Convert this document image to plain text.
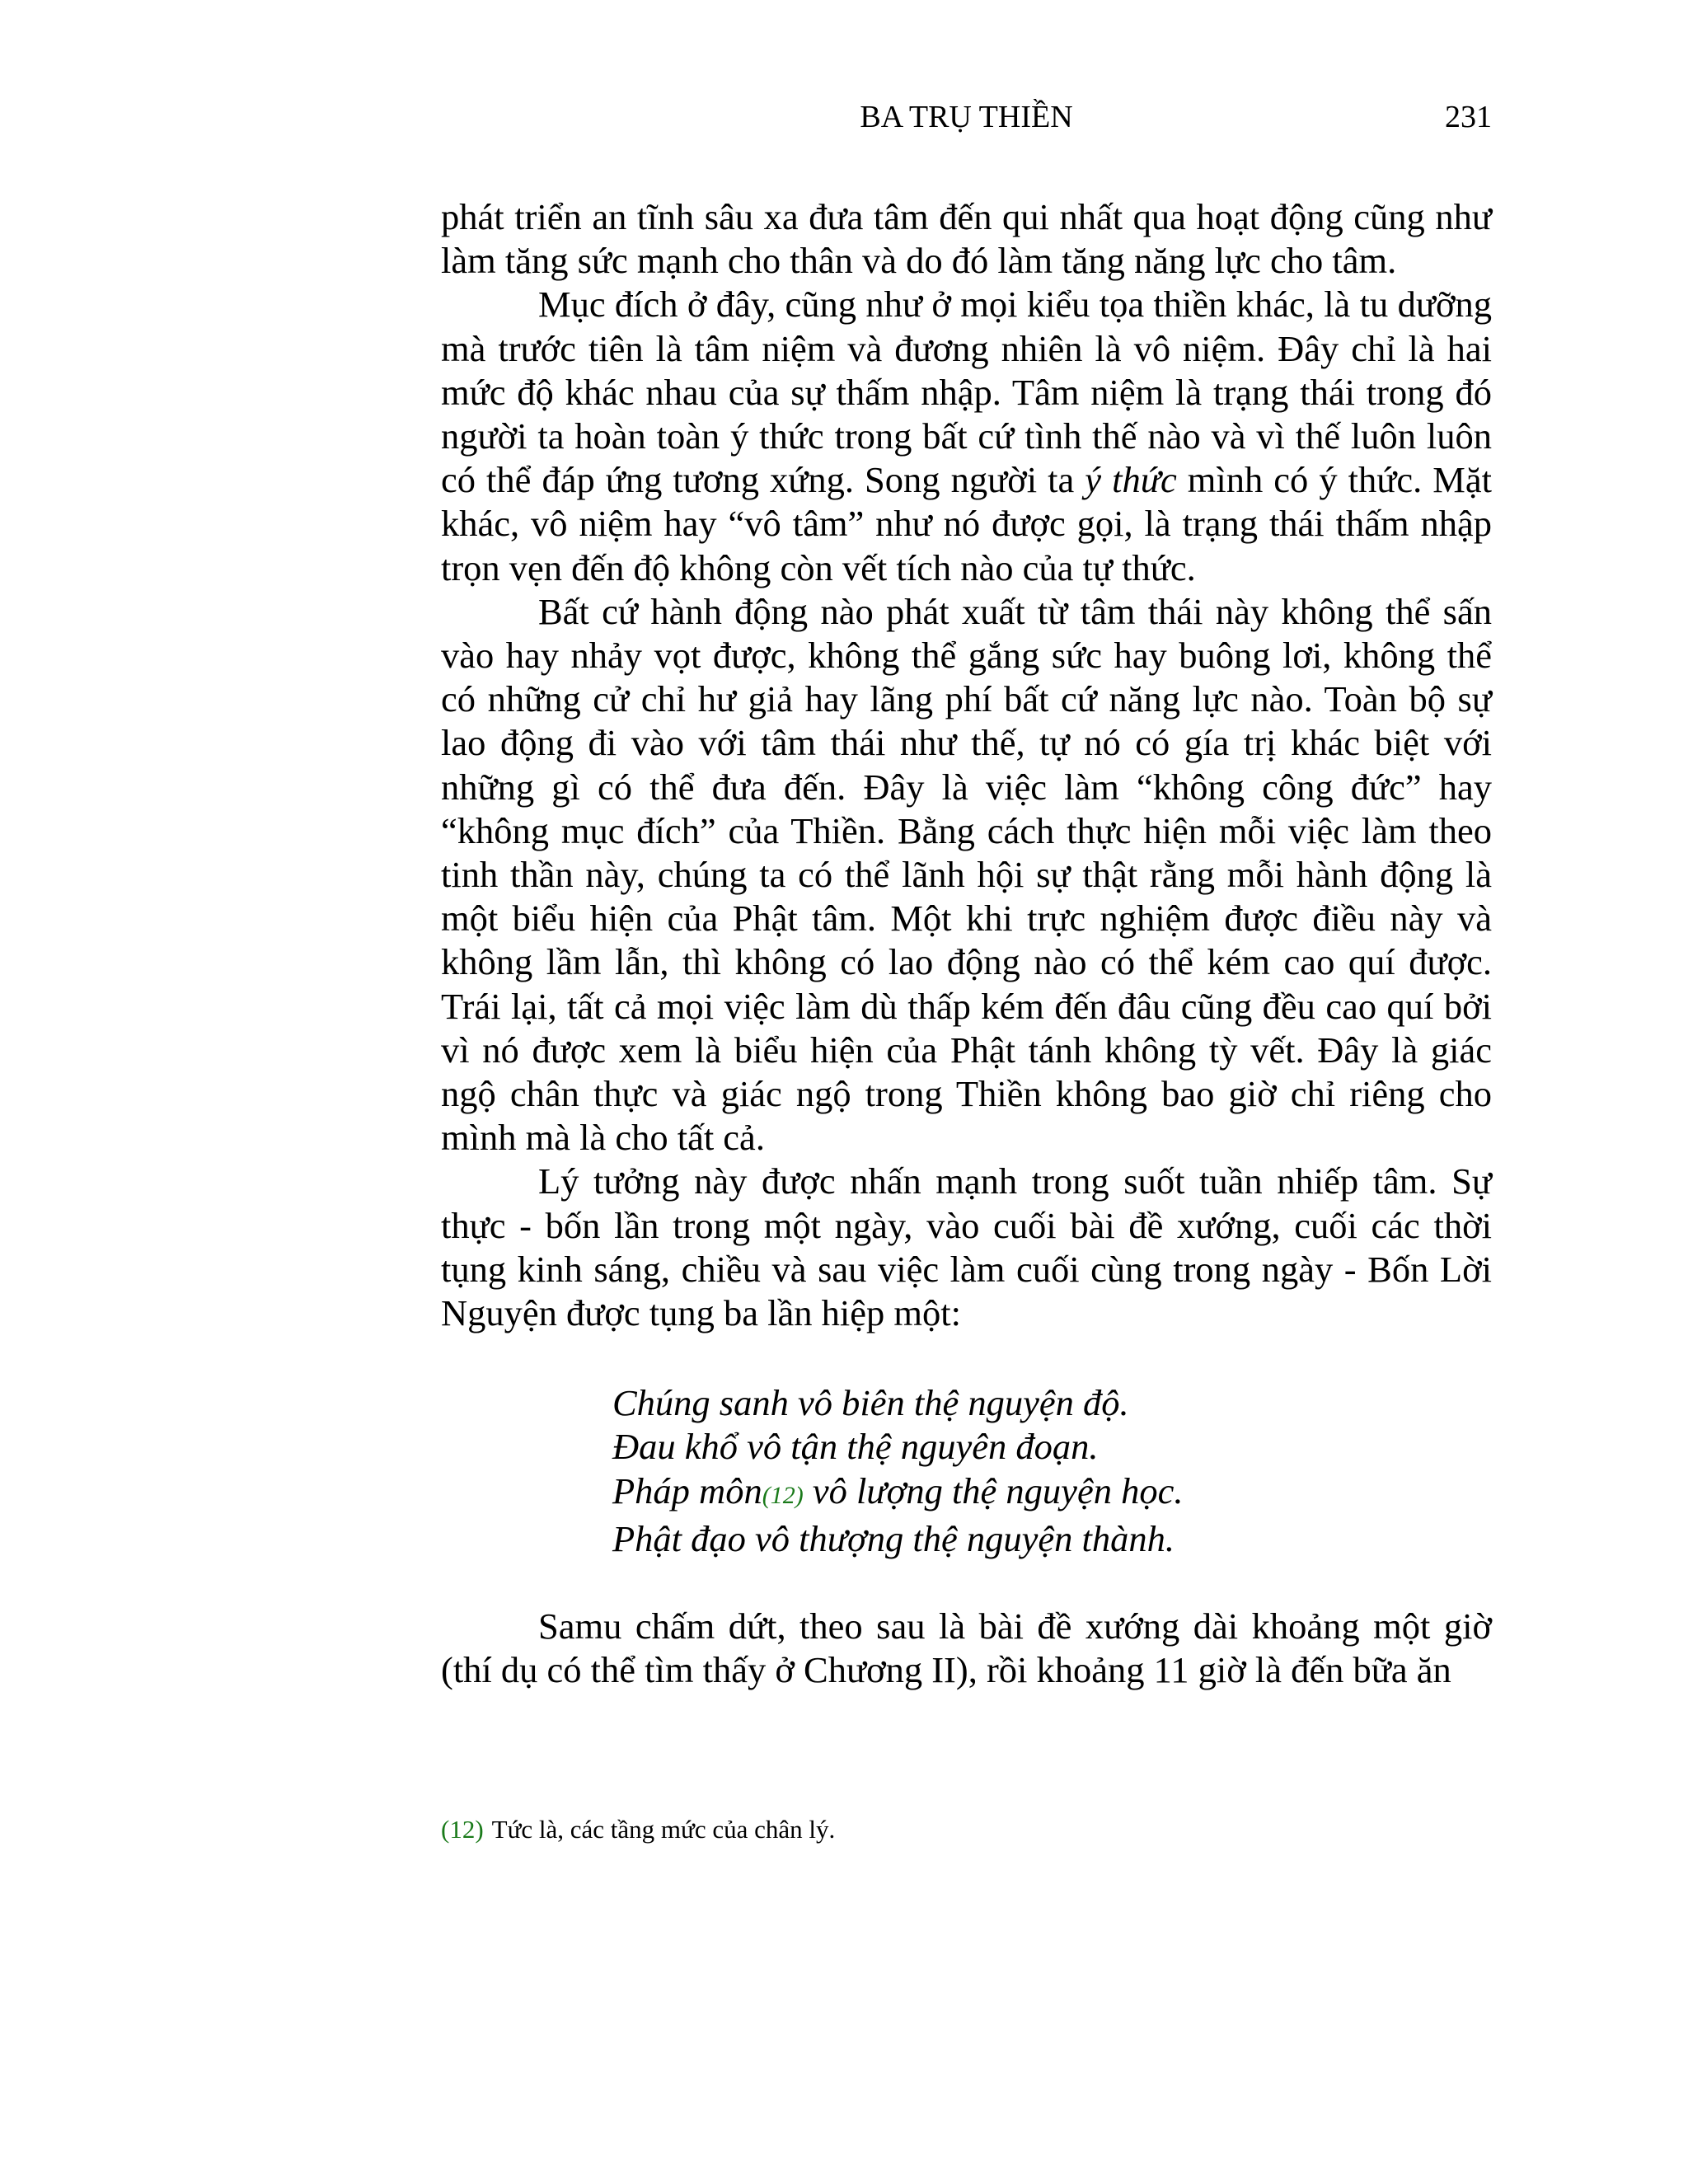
BA TRỤ THIỀN	231

phát triển an tĩnh sâu xa đưa tâm đến qui nhất qua hoạt động cũng như làm tăng sức mạnh cho thân và do đó làm tăng năng lực cho tâm.

Mục đích ở đây, cũng như ở mọi kiểu tọa thiền khác, là tu dưỡng mà trước tiên là tâm niệm và đương nhiên là vô niệm. Đây chỉ là hai mức độ khác nhau của sự thấm nhập. Tâm niệm là trạng thái trong đó người ta hoàn toàn ý thức trong bất cứ tình thế nào và vì thế luôn luôn có thể đáp ứng tương xứng. Song người ta ý thức mình có ý thức. Mặt khác, vô niệm hay “vô tâm” như nó được gọi, là trạng thái thấm nhập trọn vẹn đến độ không còn vết tích nào của tự thức.

Bất cứ hành động nào phát xuất từ tâm thái này không thể sấn vào hay nhảy vọt được, không thể gắng sức hay buông lơi, không thể có những cử chỉ hư giả hay lãng phí bất cứ năng lực nào. Toàn bộ sự lao động đi vào với tâm thái như thế, tự nó có gía trị khác biệt với những gì có thể đưa đến. Đây là việc làm “không công đức” hay “không mục đích” của Thiền. Bằng cách thực hiện mỗi việc làm theo tinh thần này, chúng ta có thể lãnh hội sự thật rằng mỗi hành động là một biểu hiện của Phật tâm. Một khi trực nghiệm được điều này và không lầm lẫn, thì không có lao động nào có thể kém cao quí được. Trái lại, tất cả mọi việc làm dù thấp kém đến đâu cũng đều cao quí bởi vì nó được xem là biểu hiện của Phật tánh không tỳ vết. Đây là giác ngộ chân thực và giác ngộ trong Thiền không bao giờ chỉ riêng cho mình mà là cho tất cả.

Lý tưởng này được nhấn mạnh trong suốt tuần nhiếp tâm. Sự thực - bốn lần trong một ngày, vào cuối bài đề xướng, cuối các thời tụng kinh sáng, chiều và sau việc làm cuối cùng trong ngày - Bốn Lời Nguyện được tụng ba lần hiệp một:

Chúng sanh vô biên thệ nguyện độ.
Đau khổ vô tận thệ nguyên đoạn.
Pháp môn(12) vô lượng thệ nguyện học.
Phật đạo vô thượng thệ nguyện thành.

Samu chấm dứt, theo sau là bài đề xướng dài khoảng một giờ (thí dụ có thể tìm thấy ở Chương II), rồi khoảng 11 giờ là đến bữa ăn

(12) Tức là, các tầng mức của chân lý.
